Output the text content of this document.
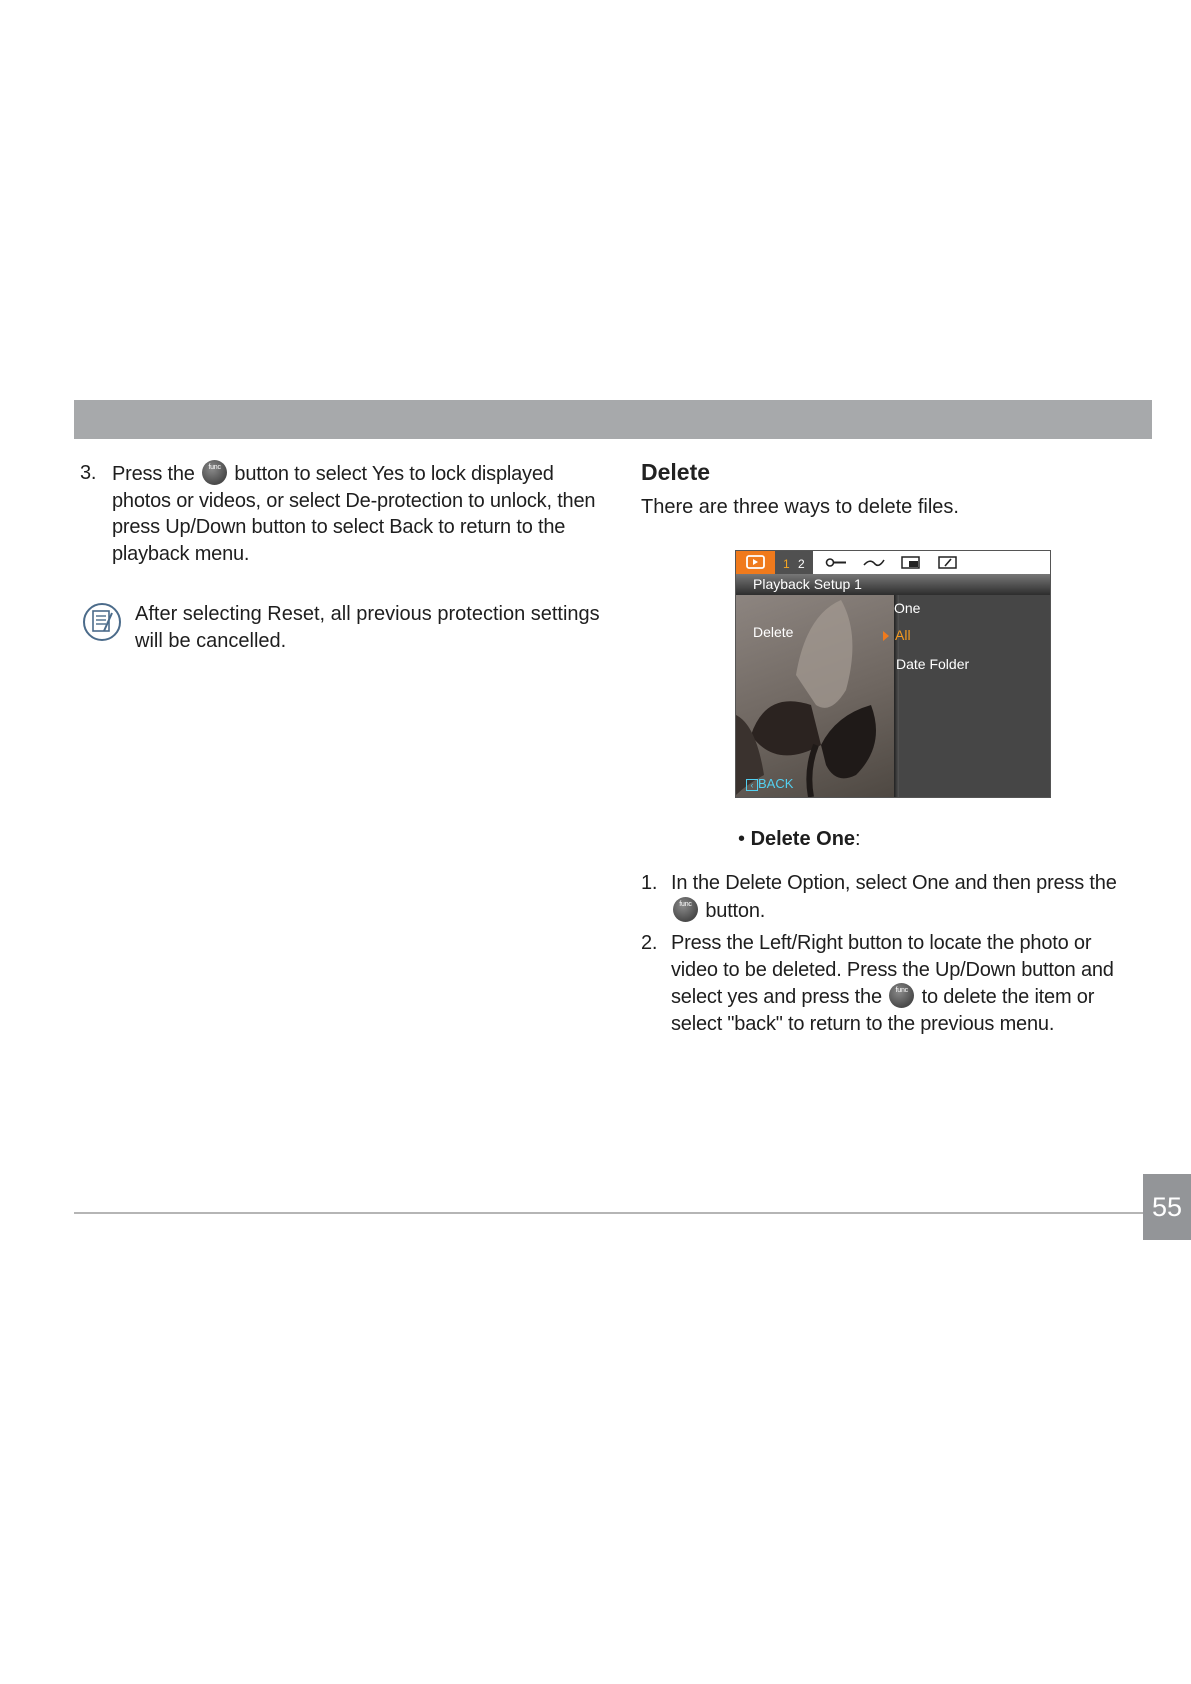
3. Press the	func button to select Yes to lock displayed photos or videos, or select De-protection to unlock, then press Up/Down button to select Back to return to the playback menu.
After selecting Reset, all previous protection settings will be cancelled.
Delete
There are three ways to delete files.
1 2
Playback Setup 1
Delete
One
All
Date Folder
‹ BACK
• Delete One:
1. In the Delete Option, select One and then press the
func button.
2. Press the Left/Right button to locate the photo or video to be deleted. Press the Up/Down button and select yes and press the	func to delete the item or select "back" to return to the previous menu.
55
